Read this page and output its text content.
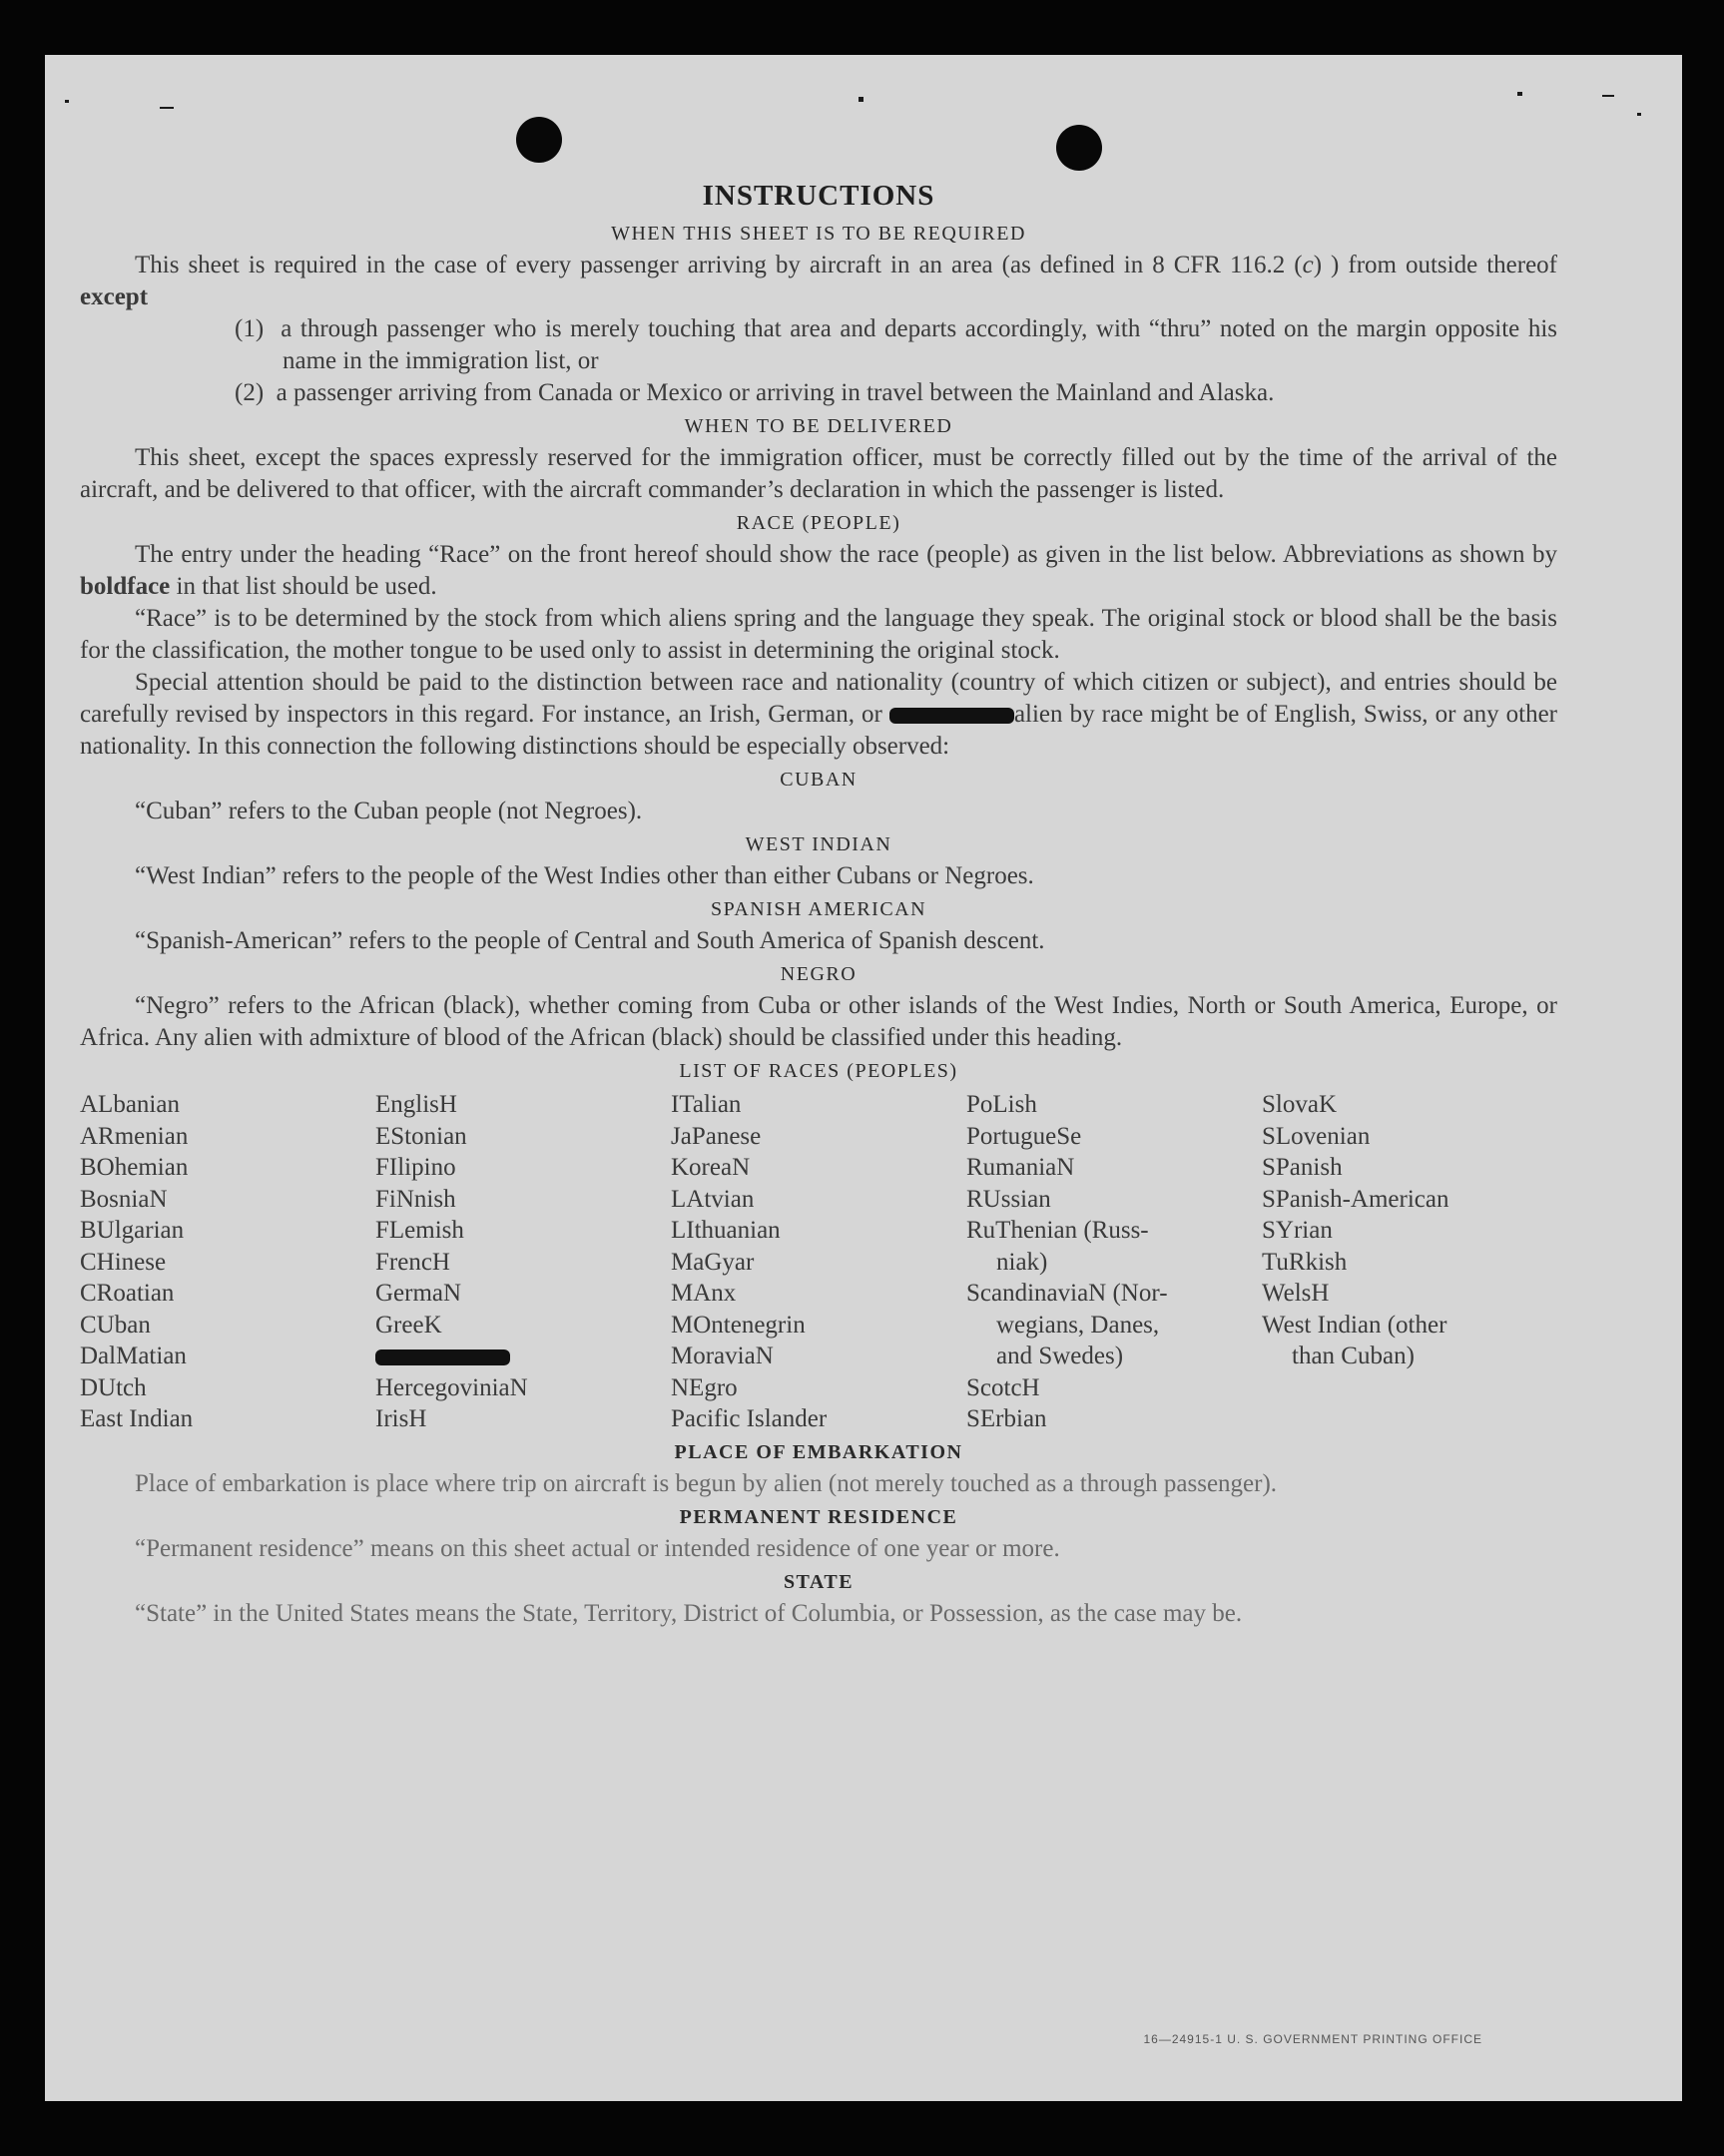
INSTRUCTIONS
WHEN THIS SHEET IS TO BE REQUIRED

This sheet is required in the case of every passenger arriving by aircraft in an area (as defined in 8 CFR 116.2 (c) ) from outside thereof except

(1) a through passenger who is merely touching that area and departs accordingly, with “thru” noted on the margin opposite his name in the immigration list, or

(2) a passenger arriving from Canada or Mexico or arriving in travel between the Mainland and Alaska.

WHEN TO BE DELIVERED

This sheet, except the spaces expressly reserved for the immigration officer, must be correctly filled out by the time of the arrival of the aircraft, and be delivered to that officer, with the aircraft commander’s declaration in which the passenger is listed.

RACE (PEOPLE)

The entry under the heading “Race” on the front hereof should show the race (people) as given in the list below. Abbreviations as shown by boldface in that list should be used.

“Race” is to be determined by the stock from which aliens spring and the language they speak. The original stock or blood shall be the basis for the classification, the mother tongue to be used only to assist in determining the original stock.

Special attention should be paid to the distinction between race and nationality (country of which citizen or subject), and entries should be carefully revised by inspectors in this regard. For instance, an Irish, German, or	alien by race might be of English, Swiss, or any other nationality. In this connection the following distinctions should be especially observed:

CUBAN

“Cuban” refers to the Cuban people (not Negroes).

WEST INDIAN

“West Indian” refers to the people of the West Indies other than either Cubans or Negroes.

SPANISH AMERICAN

“Spanish-American” refers to the people of Central and South America of Spanish descent.

NEGRO

“Negro” refers to the African (black), whether coming from Cuba or other islands of the West Indies, North or South America, Europe, or Africa. Any alien with admixture of blood of the African (black) should be classified under this heading.

LIST OF RACES (PEOPLES)
ALbanian
ARmenian
BOhemian
BosniaN
BUlgarian
CHinese
CRoatian
CUban
DalMatian
DUtch
East Indian
EnglisH
EStonian
FIlipino
FiNnish
FLemish
FrencH
GermaN
GreeK
HercegoviniaN
IrisH
ITalian
JaPanese
KoreaN
LAtvian
LIthuanian
MaGyar
MAnx
MOntenegrin
MoraviaN
NEgro
Pacific Islander
PoLish
PortugueSe
RumaniaN
RUssian
RuThenian (Russ-
niak)
ScandinaviaN (Nor-
wegians, Danes,
and Swedes)
ScotcH
SErbian
SlovaK
SLovenian
SPanish
SPanish-American
SYrian
TuRkish
WelsH
West Indian (other
than Cuban)
PLACE OF EMBARKATION

Place of embarkation is place where trip on aircraft is begun by alien (not merely touched as a through passenger).

PERMANENT RESIDENCE

“Permanent residence” means on this sheet actual or intended residence of one year or more.

STATE

“State” in the United States means the State, Territory, District of Columbia, or Possession, as the case may be.

16—24915-1 U. S. GOVERNMENT PRINTING OFFICE
